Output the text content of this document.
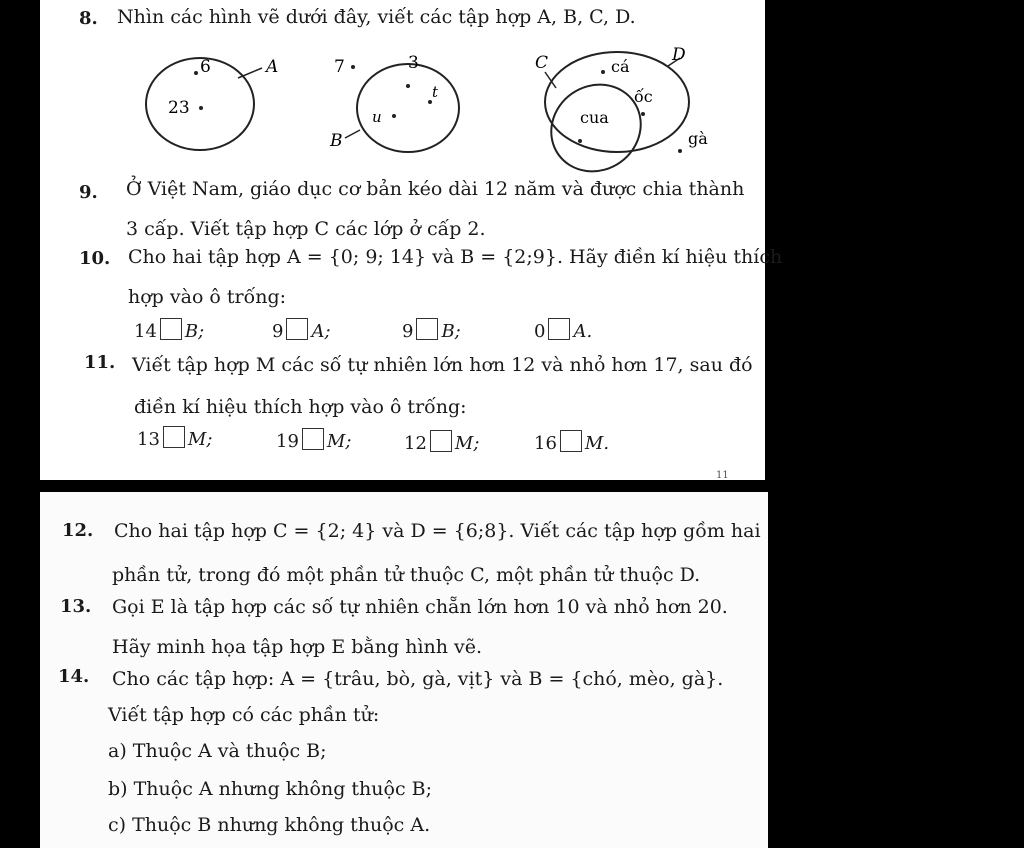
8. Nhìn các hình vẽ dưới đây, viết các tập hợp A, B, C, D.
A
6
23
7
B
3
t
u
C	D
cá
ốc
cua
gà
9. Ở Việt Nam, giáo dục cơ bản kéo dài 12 năm và được chia thành
3 cấp. Viết tập hợp C các lớp ở cấp 2.
10. Cho hai tập hợp A = {0; 9; 14} và B = {2;9}. Hãy điền kí hiệu thích
hợp vào ô trống:
14 B;	9 A;	9 B;	0 A.
11. Viết tập hợp M các số tự nhiên lớn hơn 12 và nhỏ hơn 17, sau đó
điền kí hiệu thích hợp vào ô trống:
13 M;	19 M;	12 M;	16 M.
11
12. Cho hai tập hợp C = {2; 4} và D = {6;8}. Viết các tập hợp gồm hai
phần tử, trong đó một phần tử thuộc C, một phần tử thuộc D.
13. Gọi E là tập hợp các số tự nhiên chẵn lớn hơn 10 và nhỏ hơn 20.
Hãy minh họa tập hợp E bằng hình vẽ.
14. Cho các tập hợp: A = {trâu, bò, gà, vịt} và B = {chó, mèo, gà}.
Viết tập hợp có các phần tử:
a) Thuộc A và thuộc B;
b) Thuộc A nhưng không thuộc B;
c) Thuộc B nhưng không thuộc A.
